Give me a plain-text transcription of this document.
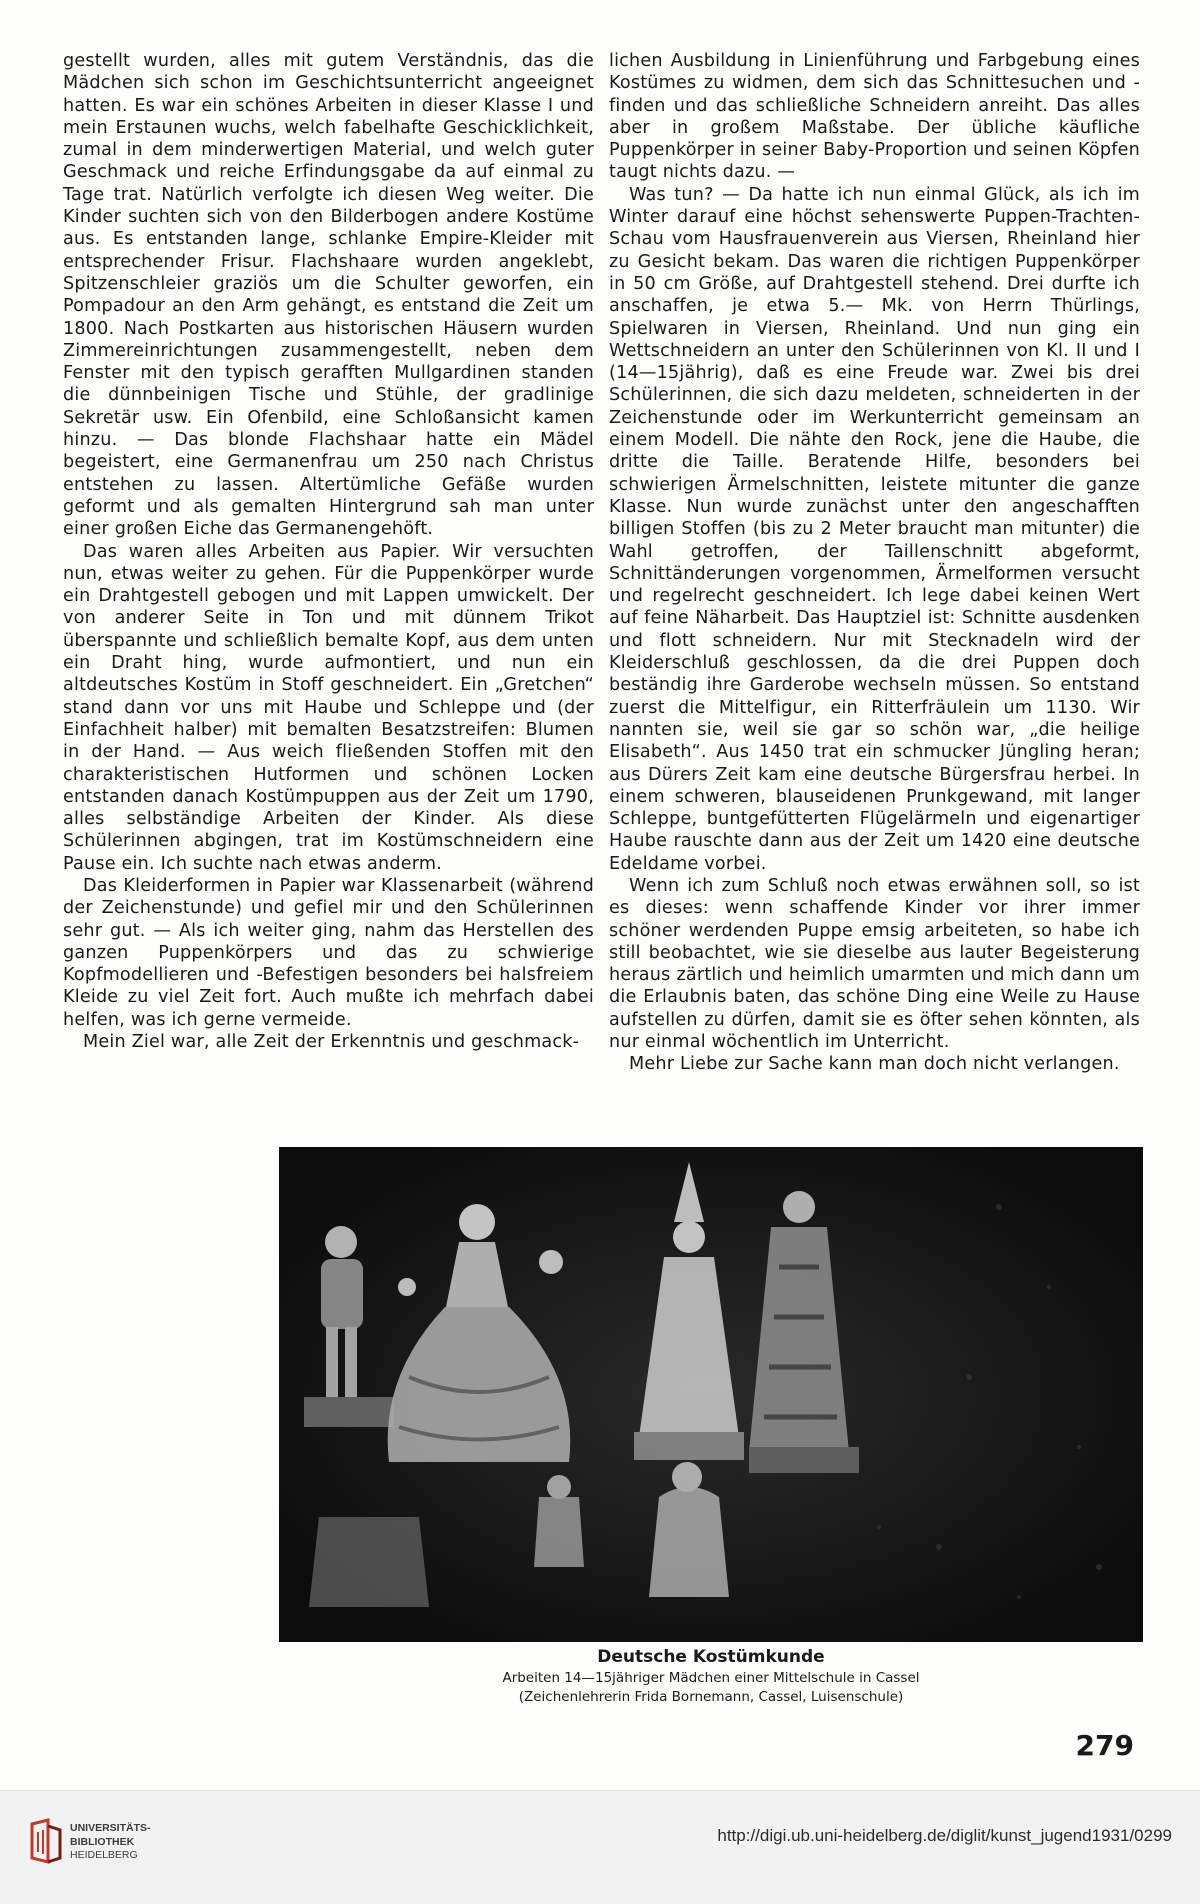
gestellt wurden, alles mit gutem Verständnis, das die Mädchen sich schon im Geschichtsunterricht angeeignet hatten. Es war ein schönes Arbeiten in dieser Klasse I und mein Erstaunen wuchs, welch fabelhafte Geschicklichkeit, zumal in dem minderwertigen Material, und welch guter Geschmack und reiche Erfindungsgabe da auf einmal zu Tage trat. Natürlich verfolgte ich diesen Weg weiter. Die Kinder suchten sich von den Bilderbogen andere Kostüme aus. Es entstanden lange, schlanke Empire-Kleider mit entsprechender Frisur. Flachshaare wurden angeklebt, Spitzenschleier graziös um die Schulter geworfen, ein Pompadour an den Arm gehängt, es entstand die Zeit um 1800. Nach Postkarten aus historischen Häusern wurden Zimmereinrichtungen zusammengestellt, neben dem Fenster mit den typisch gerafften Mullgardinen standen die dünnbeinigen Tische und Stühle, der gradlinige Sekretär usw. Ein Ofenbild, eine Schloßansicht kamen hinzu. — Das blonde Flachshaar hatte ein Mädel begeistert, eine Germanenfrau um 250 nach Christus entstehen zu lassen. Altertümliche Gefäße wurden geformt und als gemalten Hintergrund sah man unter einer großen Eiche das Germanengehöft.

Das waren alles Arbeiten aus Papier. Wir versuchten nun, etwas weiter zu gehen. Für die Puppenkörper wurde ein Drahtgestell gebogen und mit Lappen umwickelt. Der von anderer Seite in Ton und mit dünnem Trikot überspannte und schließlich bemalte Kopf, aus dem unten ein Draht hing, wurde aufmontiert, und nun ein altdeutsches Kostüm in Stoff geschneidert. Ein „Gretchen“ stand dann vor uns mit Haube und Schleppe und (der Einfachheit halber) mit bemalten Besatzstreifen: Blumen in der Hand. — Aus weich fließenden Stoffen mit den charakteristischen Hutformen und schönen Locken entstanden danach Kostümpuppen aus der Zeit um 1790, alles selbständige Arbeiten der Kinder. Als diese Schülerinnen abgingen, trat im Kostümschneidern eine Pause ein. Ich suchte nach etwas anderm.

Das Kleiderformen in Papier war Klassenarbeit (während der Zeichenstunde) und gefiel mir und den Schülerinnen sehr gut. — Als ich weiter ging, nahm das Herstellen des ganzen Puppenkörpers und das zu schwierige Kopfmodellieren und -Befestigen besonders bei halsfreiem Kleide zu viel Zeit fort. Auch mußte ich mehrfach dabei helfen, was ich gerne vermeide.

Mein Ziel war, alle Zeit der Erkenntnis und geschmack-

lichen Ausbildung in Linienführung und Farbgebung eines Kostümes zu widmen, dem sich das Schnittesuchen und -finden und das schließliche Schneidern anreiht. Das alles aber in großem Maßstabe. Der übliche käufliche Puppenkörper in seiner Baby-Proportion und seinen Köpfen taugt nichts dazu. —

Was tun? — Da hatte ich nun einmal Glück, als ich im Winter darauf eine höchst sehenswerte Puppen-Trachten-Schau vom Hausfrauenverein aus Viersen, Rheinland hier zu Gesicht bekam. Das waren die richtigen Puppenkörper in 50 cm Größe, auf Drahtgestell stehend. Drei durfte ich anschaffen, je etwa 5.— Mk. von Herrn Thürlings, Spielwaren in Viersen, Rheinland. Und nun ging ein Wettschneidern an unter den Schülerinnen von Kl. II und I (14—15jährig), daß es eine Freude war. Zwei bis drei Schülerinnen, die sich dazu meldeten, schneiderten in der Zeichenstunde oder im Werkunterricht gemeinsam an einem Modell. Die nähte den Rock, jene die Haube, die dritte die Taille. Beratende Hilfe, besonders bei schwierigen Ärmelschnitten, leistete mitunter die ganze Klasse. Nun wurde zunächst unter den angeschafften billigen Stoffen (bis zu 2 Meter braucht man mitunter) die Wahl getroffen, der Taillenschnitt abgeformt, Schnittänderungen vorgenommen, Ärmelformen versucht und regelrecht geschneidert. Ich lege dabei keinen Wert auf feine Näharbeit. Das Hauptziel ist: Schnitte ausdenken und flott schneidern. Nur mit Stecknadeln wird der Kleiderschluß geschlossen, da die drei Puppen doch beständig ihre Garderobe wechseln müssen. So entstand zuerst die Mittelfigur, ein Ritterfräulein um 1130. Wir nannten sie, weil sie gar so schön war, „die heilige Elisabeth“. Aus 1450 trat ein schmucker Jüngling heran; aus Dürers Zeit kam eine deutsche Bürgersfrau herbei. In einem schweren, blauseidenen Prunkgewand, mit langer Schleppe, buntgefütterten Flügelärmeln und eigenartiger Haube rauschte dann aus der Zeit um 1420 eine deutsche Edeldame vorbei.

Wenn ich zum Schluß noch etwas erwähnen soll, so ist es dieses: wenn schaffende Kinder vor ihrer immer schöner werdenden Puppe emsig arbeiteten, so habe ich still beobachtet, wie sie dieselbe aus lauter Begeisterung heraus zärtlich und heimlich umarmten und mich dann um die Erlaubnis baten, das schöne Ding eine Weile zu Hause aufstellen zu dürfen, damit sie es öfter sehen könnten, als nur einmal wöchentlich im Unterricht.

Mehr Liebe zur Sache kann man doch nicht verlangen.

Deutsche Kostümkunde
Arbeiten 14—15jähriger Mädchen einer Mittelschule in Cassel
(Zeichenlehrerin Frida Bornemann, Cassel, Luisenschule)
279
UNIVERSITÄTS-
BIBLIOTHEK
HEIDELBERG
http://digi.ub.uni-heidelberg.de/diglit/kunst_jugend1931/0299
